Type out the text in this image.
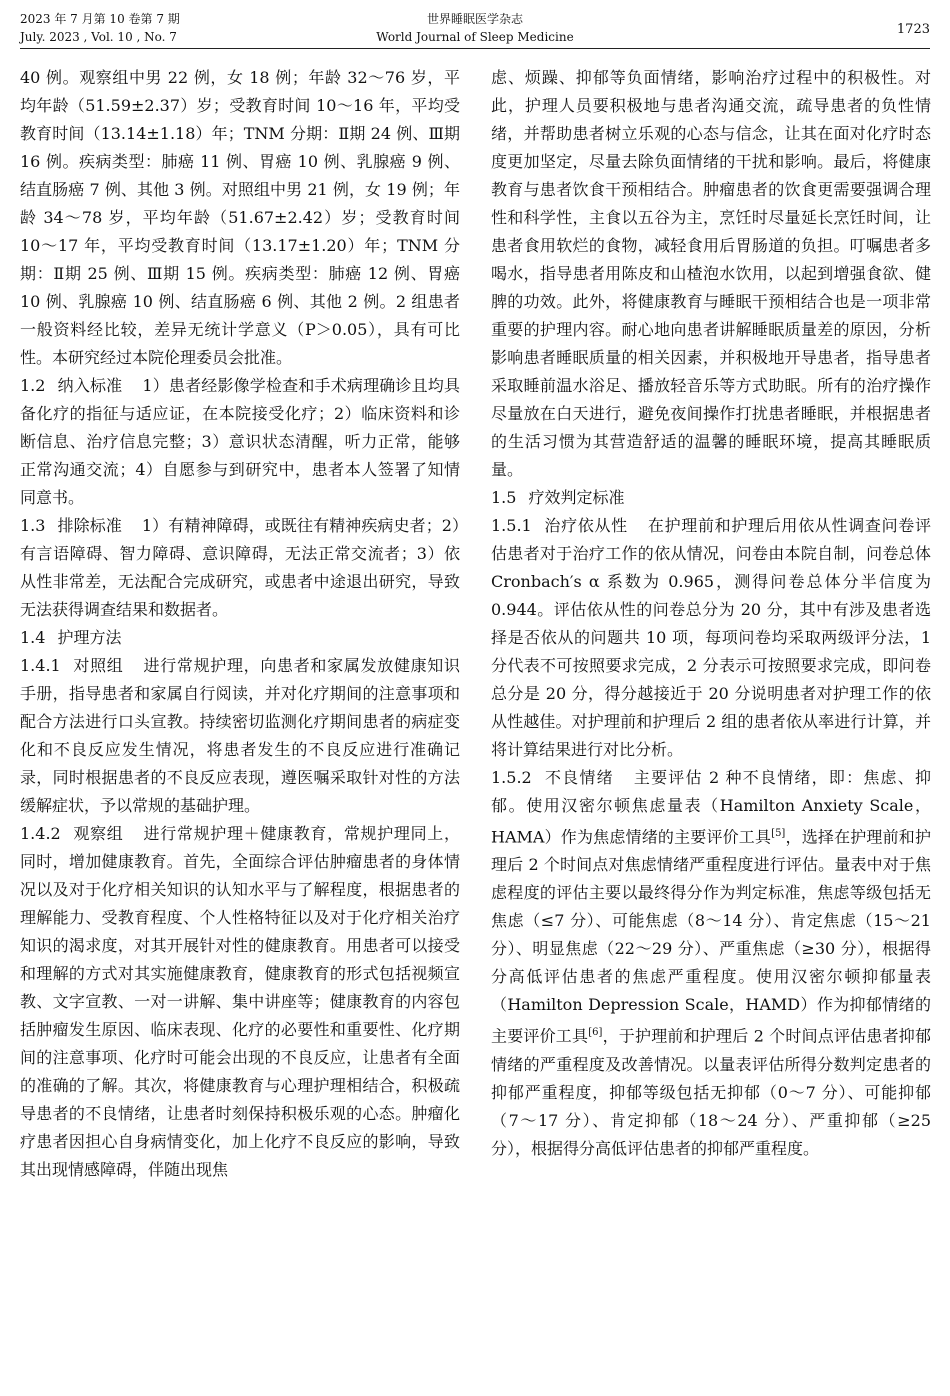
2023 年 7 月第 10 卷第 7 期
July. 2023 , Vol. 10 , No. 7
世界睡眠医学杂志
World Journal of Sleep Medicine	1723

40 例。观察组中男 22 例，女 18 例；年龄 32～76 岁，平均年龄（51.59±2.37）岁；受教育时间 10～16 年，平均受教育时间（13.14±1.18）年；TNM 分期：Ⅱ期 24 例、Ⅲ期 16 例。疾病类型：肺癌 11 例、胃癌 10 例、乳腺癌 9 例、结直肠癌 7 例、其他 3 例。对照组中男 21 例，女 19 例；年龄 34～78 岁，平均年龄（51.67±2.42）岁；受教育时间 10～17 年，平均受教育时间（13.17±1.20）年；TNM 分期：Ⅱ期 25 例、Ⅲ期 15 例。疾病类型：肺癌 12 例、胃癌 10 例、乳腺癌 10 例、结直肠癌 6 例、其他 2 例。2 组患者一般资料经比较，差异无统计学意义（P＞0.05），具有可比性。本研究经过本院伦理委员会批准。

1.2 纳入标准 1）患者经影像学检查和手术病理确诊且均具备化疗的指征与适应证，在本院接受化疗；2）临床资料和诊断信息、治疗信息完整；3）意识状态清醒，听力正常，能够正常沟通交流；4）自愿参与到研究中，患者本人签署了知情同意书。

1.3 排除标准 1）有精神障碍，或既往有精神疾病史者；2）有言语障碍、智力障碍、意识障碍，无法正常交流者；3）依从性非常差，无法配合完成研究，或患者中途退出研究，导致无法获得调查结果和数据者。

1.4 护理方法

1.4.1 对照组 进行常规护理，向患者和家属发放健康知识手册，指导患者和家属自行阅读，并对化疗期间的注意事项和配合方法进行口头宣教。持续密切监测化疗期间患者的病症变化和不良反应发生情况，将患者发生的不良反应进行准确记录，同时根据患者的不良反应表现，遵医嘱采取针对性的方法缓解症状，予以常规的基础护理。

1.4.2 观察组 进行常规护理＋健康教育，常规护理同上，同时，增加健康教育。首先，全面综合评估肿瘤患者的身体情况以及对于化疗相关知识的认知水平与了解程度，根据患者的理解能力、受教育程度、个人性格特征以及对于化疗相关治疗知识的渴求度，对其开展针对性的健康教育。用患者可以接受和理解的方式对其实施健康教育，健康教育的形式包括视频宣教、文字宣教、一对一讲解、集中讲座等；健康教育的内容包括肿瘤发生原因、临床表现、化疗的必要性和重要性、化疗期间的注意事项、化疗时可能会出现的不良反应，让患者有全面的准确的了解。其次，将健康教育与心理护理相结合，积极疏导患者的不良情绪，让患者时刻保持积极乐观的心态。肿瘤化疗患者因担心自身病情变化，加上化疗不良反应的影响，导致其出现情感障碍，伴随出现焦

虑、烦躁、抑郁等负面情绪，影响治疗过程中的积极性。对此，护理人员要积极地与患者沟通交流，疏导患者的负性情绪，并帮助患者树立乐观的心态与信念，让其在面对化疗时态度更加坚定，尽量去除负面情绪的干扰和影响。最后，将健康教育与患者饮食干预相结合。肿瘤患者的饮食更需要强调合理性和科学性，主食以五谷为主，烹饪时尽量延长烹饪时间，让患者食用软烂的食物，减轻食用后胃肠道的负担。叮嘱患者多喝水，指导患者用陈皮和山楂泡水饮用，以起到增强食欲、健脾的功效。此外，将健康教育与睡眠干预相结合也是一项非常重要的护理内容。耐心地向患者讲解睡眠质量差的原因，分析影响患者睡眠质量的相关因素，并积极地开导患者，指导患者采取睡前温水浴足、播放轻音乐等方式助眠。所有的治疗操作尽量放在白天进行，避免夜间操作打扰患者睡眠，并根据患者的生活习惯为其营造舒适的温馨的睡眠环境，提高其睡眠质量。

1.5 疗效判定标准

1.5.1 治疗依从性 在护理前和护理后用依从性调查问卷评估患者对于治疗工作的依从情况，问卷由本院自制，问卷总体 Cronbach′s α 系数为 0.965，测得问卷总体分半信度为 0.944。评估依从性的问卷总分为 20 分，其中有涉及患者选择是否依从的问题共 10 项，每项问卷均采取两级评分法，1 分代表不可按照要求完成，2 分表示可按照要求完成，即问卷总分是 20 分，得分越接近于 20 分说明患者对护理工作的依从性越佳。对护理前和护理后 2 组的患者依从率进行计算，并将计算结果进行对比分析。

1.5.2 不良情绪 主要评估 2 种不良情绪，即：焦虑、抑郁。使用汉密尔顿焦虑量表（Hamilton Anxiety Scale，HAMA）作为焦虑情绪的主要评价工具[5]，选择在护理前和护理后 2 个时间点对焦虑情绪严重程度进行评估。量表中对于焦虑程度的评估主要以最终得分作为判定标准，焦虑等级包括无焦虑（≤7 分）、可能焦虑（8～14 分）、肯定焦虑（15～21 分）、明显焦虑（22～29 分）、严重焦虑（≥30 分），根据得分高低评估患者的焦虑严重程度。使用汉密尔顿抑郁量表（Hamilton Depression Scale，HAMD）作为抑郁情绪的主要评价工具[6]，于护理前和护理后 2 个时间点评估患者抑郁情绪的严重程度及改善情况。以量表评估所得分数判定患者的抑郁严重程度，抑郁等级包括无抑郁（0～7 分）、可能抑郁（7～17 分）、肯定抑郁（18～24 分）、严重抑郁（≥25 分），根据得分高低评估患者的抑郁严重程度。
